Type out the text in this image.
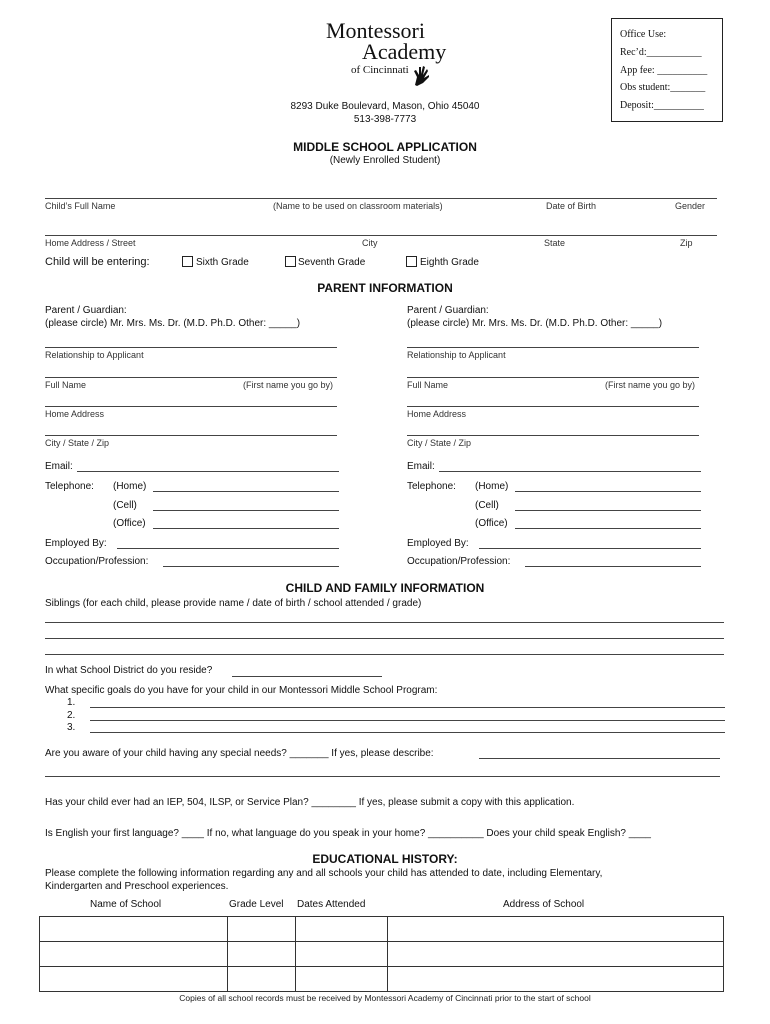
Montessori
Academy
of Cincinnati
Office Use:
Rec’d:___________
App fee: __________
Obs student:_______
Deposit:__________
8293 Duke Boulevard, Mason, Ohio 45040
513-398-7773
MIDDLE SCHOOL APPLICATION
(Newly Enrolled Student)
Child’s Full Name	(Name to be used on classroom materials)	Date of Birth	Gender
Home Address / Street	City	State	Zip
Child will be entering:	Sixth Grade	Seventh Grade	Eighth Grade
PARENT INFORMATION
Parent / Guardian:
(please circle) Mr. Mrs. Ms. Dr. (M.D. Ph.D. Other: _____)
Relationship to Applicant
Full Name	(First name you go by)
Home Address
City / State / Zip
Email:
Telephone: (Home)
(Cell)
(Office)
Employed By:
Occupation/Profession:
Parent / Guardian:
(please circle) Mr. Mrs. Ms. Dr. (M.D. Ph.D. Other: _____)
Relationship to Applicant
Full Name	(First name you go by)
Home Address
City / State / Zip
Email:
Telephone: (Home)
(Cell)
(Office)
Employed By:
Occupation/Profession:
CHILD AND FAMILY INFORMATION
Siblings (for each child, please provide name / date of birth / school attended / grade)
In what School District do you reside?
What specific goals do you have for your child in our Montessori Middle School Program:
1.
2.
3.
Are you aware of your child having any special needs? _______ If yes, please describe:
Has your child ever had an IEP, 504, ILSP, or Service Plan? ________ If yes, please submit a copy with this application.
Is English your first language? ____ If no, what language do you speak in your home? __________ Does your child speak English? ____
EDUCATIONAL HISTORY:
Please complete the following information regarding any and all schools your child has attended to date, including Elementary,
Kindergarten and Preschool experiences.
Name of School	Grade Level Dates Attended	Address of School

Copies of all school records must be received by Montessori Academy of Cincinnati prior to the start of school
